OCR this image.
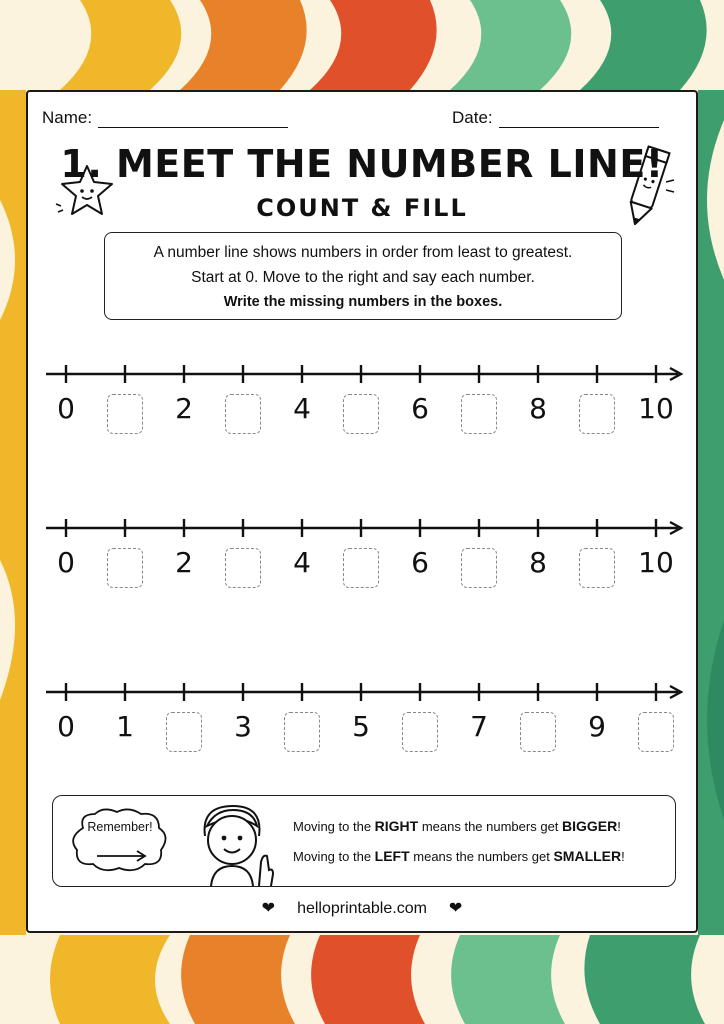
Name:	Date:
1. MEET THE NUMBER LINE!
COUNT & FILL
A number line shows numbers in order from least to greatest.
Start at 0. Move to the right and say each number.
Write the missing numbers in the boxes.
0	2	4	6	8	10
0	2	4	6	8	10
0	1	3	5	7	9
Remember!	Moving to the RIGHT means the numbers get BIGGER!
Moving to the LEFT means the numbers get SMALLER!
❤ helloprintable.com ❤
